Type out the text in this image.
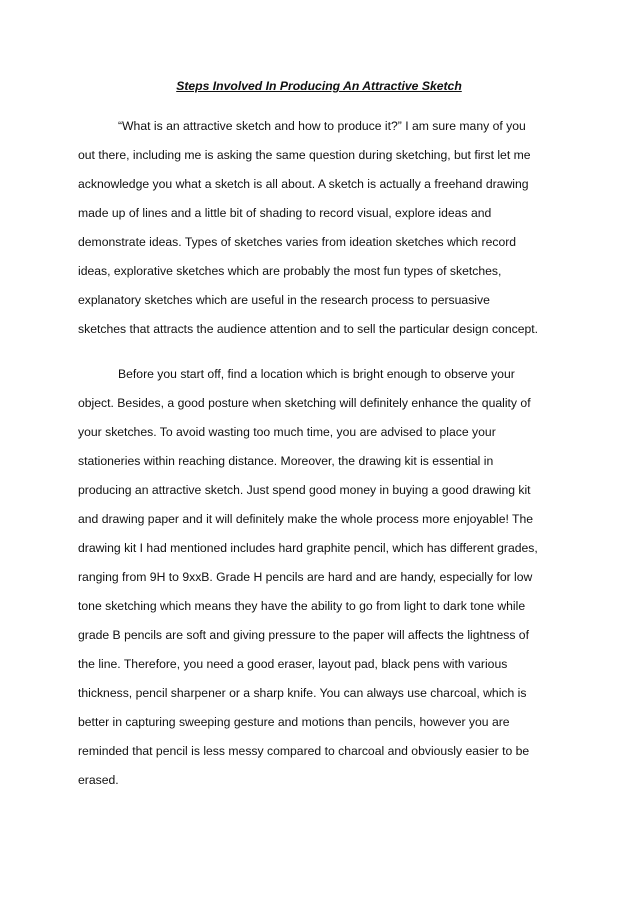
Steps Involved In Producing An Attractive Sketch

“What is an attractive sketch and how to produce it?” I am sure many of you

out there, including me is asking the same question during sketching, but first let me

acknowledge you what a sketch is all about. A sketch is actually a freehand drawing

made up of lines and a little bit of shading to record visual, explore ideas and

demonstrate ideas. Types of sketches varies from ideation sketches which record

ideas, explorative sketches which are probably the most fun types of sketches,

explanatory sketches which are useful in the research process to persuasive

sketches that attracts the audience attention and to sell the particular design concept.

Before you start off, find a location which is bright enough to observe your

object. Besides, a good posture when sketching will definitely enhance the quality of

your sketches. To avoid wasting too much time, you are advised to place your

stationeries within reaching distance. Moreover, the drawing kit is essential in

producing an attractive sketch. Just spend good money in buying a good drawing kit

and drawing paper and it will definitely make the whole process more enjoyable! The

drawing kit I had mentioned includes hard graphite pencil, which has different grades,

ranging from 9H to 9xxB. Grade H pencils are hard and are handy, especially for low

tone sketching which means they have the ability to go from light to dark tone while

grade B pencils are soft and giving pressure to the paper will affects the lightness of

the line. Therefore, you need a good eraser, layout pad, black pens with various

thickness, pencil sharpener or a sharp knife. You can always use charcoal, which is

better in capturing sweeping gesture and motions than pencils, however you are

reminded that pencil is less messy compared to charcoal and obviously easier to be

erased.
